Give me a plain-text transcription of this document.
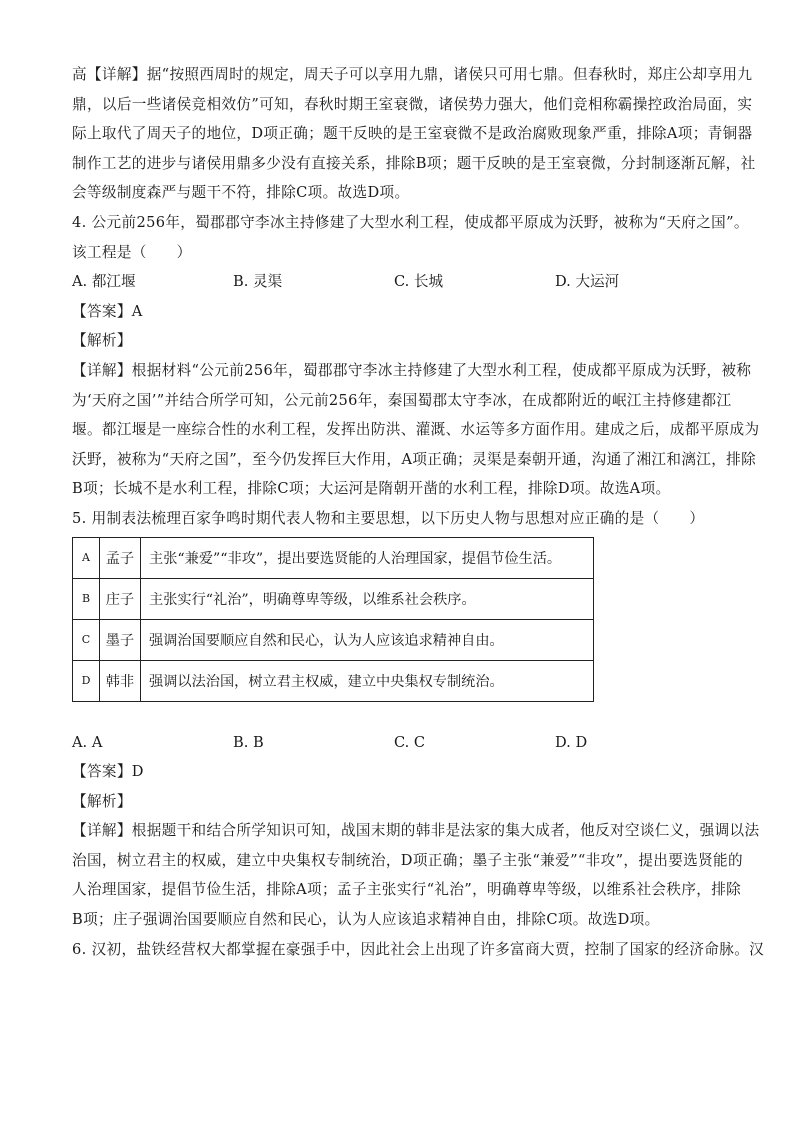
高【详解】据“按照西周时的规定，周天子可以享用九鼎，诸侯只可用七鼎。但春秋时，郑庄公却享用九
鼎，以后一些诸侯竞相效仿”可知，春秋时期王室衰微，诸侯势力强大，他们竞相称霸操控政治局面，实
际上取代了周天子的地位，D项正确；题干反映的是王室衰微不是政治腐败现象严重，排除A项；青铜器
制作工艺的进步与诸侯用鼎多少没有直接关系，排除B项；题干反映的是王室衰微，分封制逐渐瓦解，社
会等级制度森严与题干不符，排除C项。故选D项。
4. 公元前256年，蜀郡郡守李冰主持修建了大型水利工程，使成都平原成为沃野，被称为“天府之国”。
该工程是（　　）
A. 都江堰	B. 灵渠	C. 长城	D. 大运河
【答案】A
【解析】
【详解】根据材料“公元前256年，蜀郡郡守李冰主持修建了大型水利工程，使成都平原成为沃野，被称
为‘天府之国’”并结合所学可知，公元前256年，秦国蜀郡太守李冰，在成都附近的岷江主持修建都江
堰。都江堰是一座综合性的水利工程，发挥出防洪、灌溉、水运等多方面作用。建成之后，成都平原成为
沃野，被称为“天府之国”，至今仍发挥巨大作用，A项正确；灵渠是秦朝开通，沟通了湘江和漓江，排除
B项；长城不是水利工程，排除C项；大运河是隋朝开凿的水利工程，排除D项。故选A项。
5. 用制表法梳理百家争鸣时期代表人物和主要思想，以下历史人物与思想对应正确的是（　　）
A	孟子	主张“兼爱”“非攻”，提出要选贤能的人治理国家，提倡节俭生活。
B	庄子	主张实行“礼治”，明确尊卑等级，以维系社会秩序。
C	墨子	强调治国要顺应自然和民心，认为人应该追求精神自由。
D	韩非	强调以法治国，树立君主权威，建立中央集权专制统治。
A. A	B. B	C. C	D. D
【答案】D
【解析】
【详解】根据题干和结合所学知识可知，战国末期的韩非是法家的集大成者，他反对空谈仁义，强调以法
治国，树立君主的权威，建立中央集权专制统治，D项正确；墨子主张“兼爱”“非攻”，提出要选贤能的
人治理国家，提倡节俭生活，排除A项；孟子主张实行“礼治”，明确尊卑等级，以维系社会秩序，排除
B项；庄子强调治国要顺应自然和民心，认为人应该追求精神自由，排除C项。故选D项。
6. 汉初，盐铁经营权大都掌握在豪强手中，因此社会上出现了许多富商大贾，控制了国家的经济命脉。汉
